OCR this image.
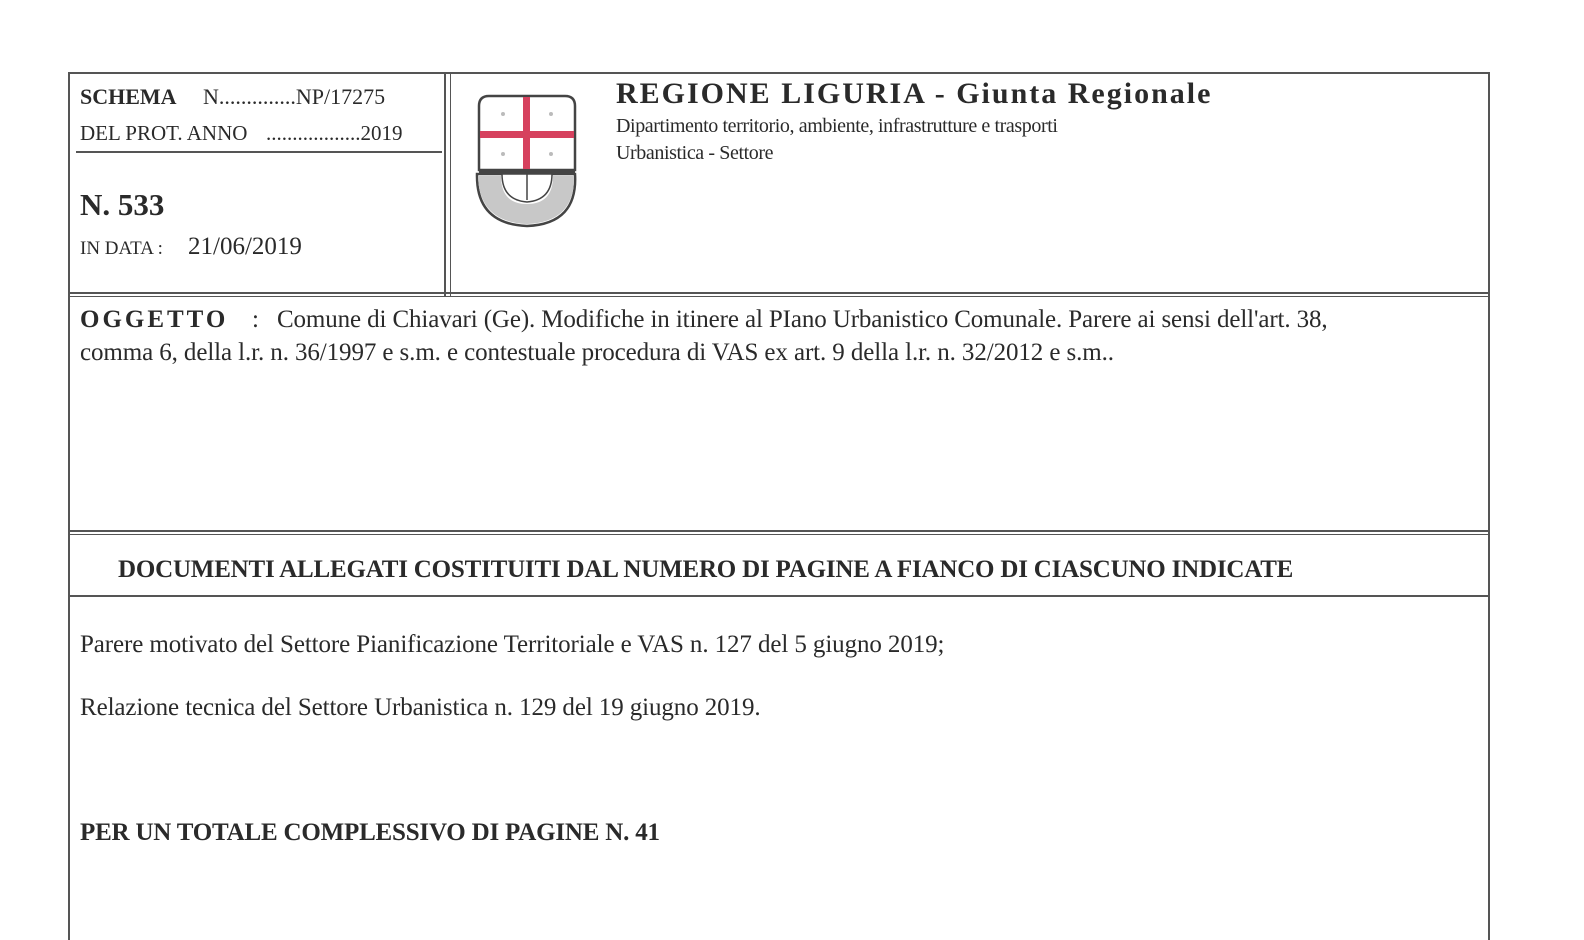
SCHEMA N..............NP/17275
DEL PROT. ANNO ..................2019
N. 533
IN DATA : 21/06/2019
REGIONE LIGURIA - Giunta Regionale
Dipartimento territorio, ambiente, infrastrutture e trasporti
Urbanistica - Settore
OGGETTO : Comune di Chiavari (Ge). Modifiche in itinere al PIano Urbanistico Comunale. Parere ai sensi dell'art. 38,
comma 6, della l.r. n. 36/1997 e s.m. e contestuale procedura di VAS ex art. 9 della l.r. n. 32/2012 e s.m..
DOCUMENTI ALLEGATI COSTITUITI DAL NUMERO DI PAGINE A FIANCO DI CIASCUNO INDICATE
Parere motivato del Settore Pianificazione Territoriale e VAS n. 127 del 5 giugno 2019;
Relazione tecnica del Settore Urbanistica n. 129 del 19 giugno 2019.
PER UN TOTALE COMPLESSIVO DI PAGINE N. 41
